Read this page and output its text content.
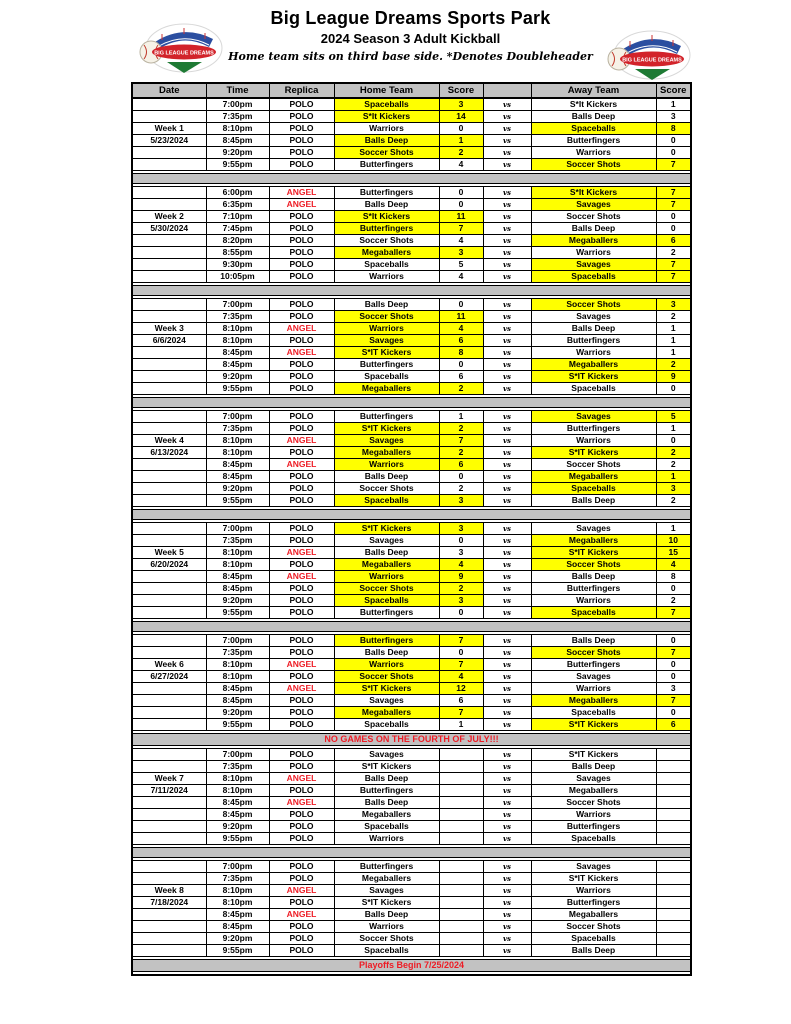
BIG LEAGUE DREAMS
BIG LEAGUE DREAMS
Big League Dreams Sports Park
2024 Season 3 Adult Kickball
Home team sits on third base side. *Denotes Doubleheader
Date	Time	Replica	Home Team	Score		Away Team	Score
	7:00pm	POLO	Spaceballs	3	vs	S*It Kickers	1
	7:35pm	POLO	S*It Kickers	14	vs	Balls Deep	3
Week 1	8:10pm	POLO	Warriors	0	vs	Spaceballs	8
5/23/2024	8:45pm	POLO	Balls Deep	1	vs	Butterfingers	0
	9:20pm	POLO	Soccer Shots	2	vs	Warriors	0
	9:55pm	POLO	Butterfingers	4	vs	Soccer Shots	7

	6:00pm	ANGEL	Butterfingers	0	vs	S*It Kickers	7
	6:35pm	ANGEL	Balls Deep	0	vs	Savages	7
Week 2	7:10pm	POLO	S*It Kickers	11	vs	Soccer Shots	0
5/30/2024	7:45pm	POLO	Butterfingers	7	vs	Balls Deep	0
	8:20pm	POLO	Soccer Shots	4	vs	Megaballers	6
	8:55pm	POLO	Megaballers	3	vs	Warriors	2
	9:30pm	POLO	Spaceballs	5	vs	Savages	7
	10:05pm	POLO	Warriors	4	vs	Spaceballs	7

	7:00pm	POLO	Balls Deep	0	vs	Soccer Shots	3
	7:35pm	POLO	Soccer Shots	11	vs	Savages	2
Week 3	8:10pm	ANGEL	Warriors	4	vs	Balls Deep	1
6/6/2024	8:10pm	POLO	Savages	6	vs	Butterfingers	1
	8:45pm	ANGEL	S*IT Kickers	8	vs	Warriors	1
	8:45pm	POLO	Butterfingers	0	vs	Megaballers	2
	9:20pm	POLO	Spaceballs	6	vs	S*IT Kickers	9
	9:55pm	POLO	Megaballers	2	vs	Spaceballs	0

	7:00pm	POLO	Butterfingers	1	vs	Savages	5
	7:35pm	POLO	S*IT Kickers	2	vs	Butterfingers	1
Week 4	8:10pm	ANGEL	Savages	7	vs	Warriors	0
6/13/2024	8:10pm	POLO	Megaballers	2	vs	S*IT Kickers	2
	8:45pm	ANGEL	Warriors	6	vs	Soccer Shots	2
	8:45pm	POLO	Balls Deep	0	vs	Megaballers	1
	9:20pm	POLO	Soccer Shots	2	vs	Spaceballs	3
	9:55pm	POLO	Spaceballs	3	vs	Balls Deep	2

	7:00pm	POLO	S*IT Kickers	3	vs	Savages	1
	7:35pm	POLO	Savages	0	vs	Megaballers	10
Week 5	8:10pm	ANGEL	Balls Deep	3	vs	S*IT Kickers	15
6/20/2024	8:10pm	POLO	Megaballers	4	vs	Soccer Shots	4
	8:45pm	ANGEL	Warriors	9	vs	Balls Deep	8
	8:45pm	POLO	Soccer Shots	2	vs	Butterfingers	0
	9:20pm	POLO	Spaceballs	3	vs	Warriors	2
	9:55pm	POLO	Butterfingers	0	vs	Spaceballs	7

	7:00pm	POLO	Butterfingers	7	vs	Balls Deep	0
	7:35pm	POLO	Balls Deep	0	vs	Soccer Shots	7
Week 6	8:10pm	ANGEL	Warriors	7	vs	Butterfingers	0
6/27/2024	8:10pm	POLO	Soccer Shots	4	vs	Savages	0
	8:45pm	ANGEL	S*IT Kickers	12	vs	Warriors	3
	8:45pm	POLO	Savages	6	vs	Megaballers	7
	9:20pm	POLO	Megaballers	7	vs	Spaceballs	0
	9:55pm	POLO	Spaceballs	1	vs	S*IT Kickers	6

NO GAMES ON THE FOURTH OF JULY!!!							

	7:00pm	POLO	Savages		vs	S*IT Kickers	
	7:35pm	POLO	S*IT Kickers		vs	Balls Deep	
Week 7	8:10pm	ANGEL	Balls Deep		vs	Savages	
7/11/2024	8:10pm	POLO	Butterfingers		vs	Megaballers	
	8:45pm	ANGEL	Balls Deep		vs	Soccer Shots	
	8:45pm	POLO	Megaballers		vs	Warriors	
	9:20pm	POLO	Spaceballs		vs	Butterfingers	
	9:55pm	POLO	Warriors		vs	Spaceballs	

	7:00pm	POLO	Butterfingers		vs	Savages	
	7:35pm	POLO	Megaballers		vs	S*IT Kickers	
Week 8	8:10pm	ANGEL	Savages		vs	Warriors	
7/18/2024	8:10pm	POLO	S*IT Kickers		vs	Butterfingers	
	8:45pm	ANGEL	Balls Deep		vs	Megaballers	
	8:45pm	POLO	Warriors		vs	Soccer Shots	
	9:20pm	POLO	Soccer Shots		vs	Spaceballs	
	9:55pm	POLO	Spaceballs		vs	Balls Deep	

Playoffs Begin 7/25/2024							
